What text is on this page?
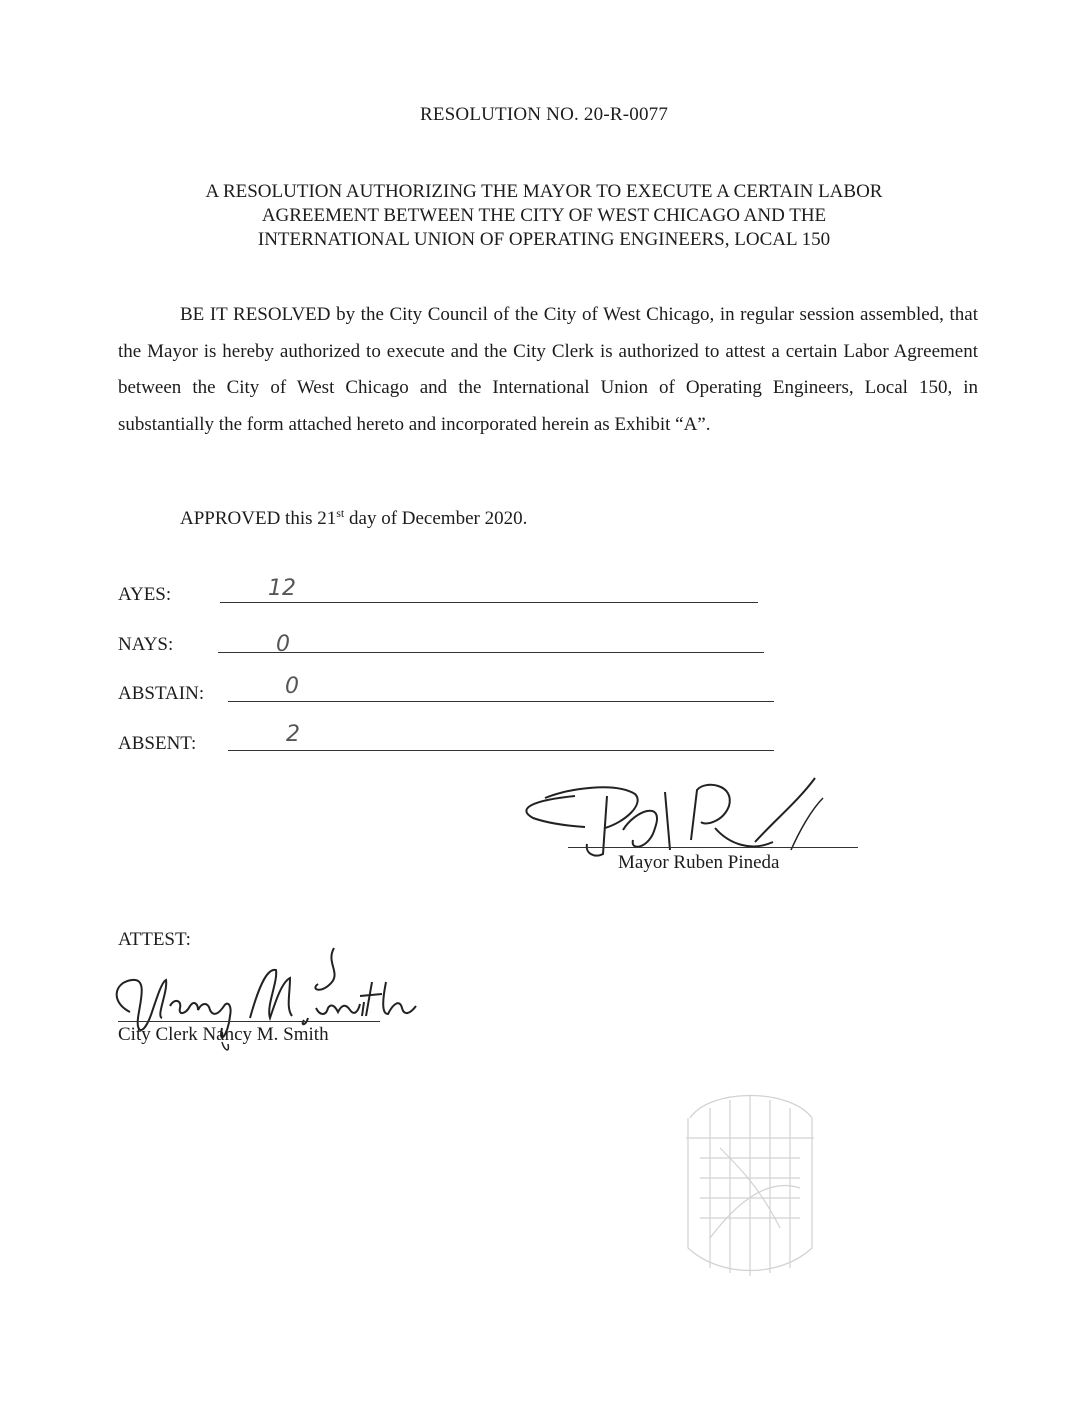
RESOLUTION NO. 20-R-0077
A RESOLUTION AUTHORIZING THE MAYOR TO EXECUTE A CERTAIN LABOR
AGREEMENT BETWEEN THE CITY OF WEST CHICAGO AND THE
INTERNATIONAL UNION OF OPERATING ENGINEERS, LOCAL 150

BE IT RESOLVED by the City Council of the City of West Chicago, in regular session assembled, that the Mayor is hereby authorized to execute and the City Clerk is authorized to attest a certain Labor Agreement between the City of West Chicago and the International Union of Operating Engineers, Local 150, in substantially the form attached hereto and incorporated herein as Exhibit “A”.

APPROVED this 21st day of December 2020.
AYES:	12
NAYS:	0
ABSTAIN:	0
ABSENT:	2
Mayor Ruben Pineda
ATTEST:
City Clerk Nancy M. Smith
